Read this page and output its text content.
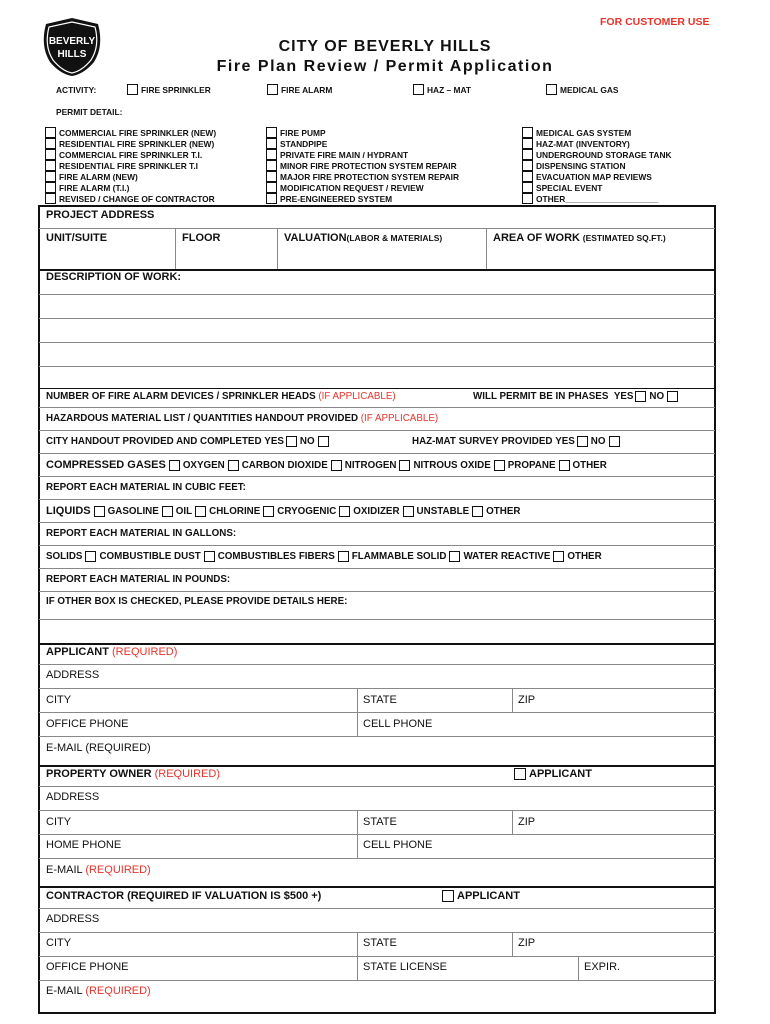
FOR CUSTOMER USE
BEVERLY
HILLS	CITY OF BEVERLY HILLS
Fire Plan Review / Permit Application
ACTIVITY:	FIRE SPRINKLER	FIRE ALARM	HAZ – MAT	MEDICAL GAS
PERMIT DETAIL:
COMMERCIAL FIRE SPRINKLER (NEW)
RESIDENTIAL FIRE SPRINKLER (NEW)
COMMERCIAL FIRE SPRINKLER T.I.
RESIDENTIAL FIRE SPRINKLER T.I
FIRE ALARM (NEW)
FIRE ALARM (T.I.)
REVISED / CHANGE OF CONTRACTOR
FIRE PUMP
STANDPIPE
PRIVATE FIRE MAIN / HYDRANT
MINOR FIRE PROTECTION SYSTEM REPAIR
MAJOR FIRE PROTECTION SYSTEM REPAIR
MODIFICATION REQUEST / REVIEW
PRE-ENGINEERED SYSTEM
MEDICAL GAS SYSTEM
HAZ-MAT (INVENTORY)
UNDERGROUND STORAGE TANK
DISPENSING STATION
EVACUATION MAP REVIEWS
SPECIAL EVENT
OTHER____________________
PROJECT ADDRESS
UNIT/SUITE	FLOOR	VALUATION(LABOR & MATERIALS)	AREA OF WORK (ESTIMATED SQ.FT.)
DESCRIPTION OF WORK:
NUMBER OF FIRE ALARM DEVICES / SPRINKLER HEADS (IF APPLICABLE)	WILL PERMIT BE IN PHASES
YES NO
HAZARDOUS MATERIAL LIST / QUANTITIES HANDOUT PROVIDED (IF APPLICABLE)
CITY HANDOUT PROVIDED AND COMPLETED
YES NO	HAZ-MAT SURVEY PROVIDED
YES NO
COMPRESSED GASES OXYGEN CARBON DIOXIDE NITROGEN NITROUS OXIDE PROPANE OTHER
REPORT EACH MATERIAL IN CUBIC FEET:
LIQUIDS GASOLINE OIL CHLORINE CRYOGENIC OXIDIZER UNSTABLE OTHER
REPORT EACH MATERIAL IN GALLONS:
SOLIDS COMBUSTIBLE DUST COMBUSTIBLES FIBERS FLAMMABLE SOLID WATER REACTIVE OTHER
REPORT EACH MATERIAL IN POUNDS:
IF OTHER BOX IS CHECKED, PLEASE PROVIDE DETAILS HERE:
APPLICANT (REQUIRED)
ADDRESS
CITY	STATE	ZIP
OFFICE PHONE	CELL PHONE
E-MAIL (REQUIRED)
PROPERTY OWNER (REQUIRED)	APPLICANT
ADDRESS
CITY	STATE	ZIP
HOME PHONE	CELL PHONE
E-MAIL (REQUIRED)
CONTRACTOR (REQUIRED IF VALUATION IS $500 +)	APPLICANT
ADDRESS
CITY	STATE	ZIP
OFFICE PHONE	STATE LICENSE	EXPIR.
E-MAIL (REQUIRED)
